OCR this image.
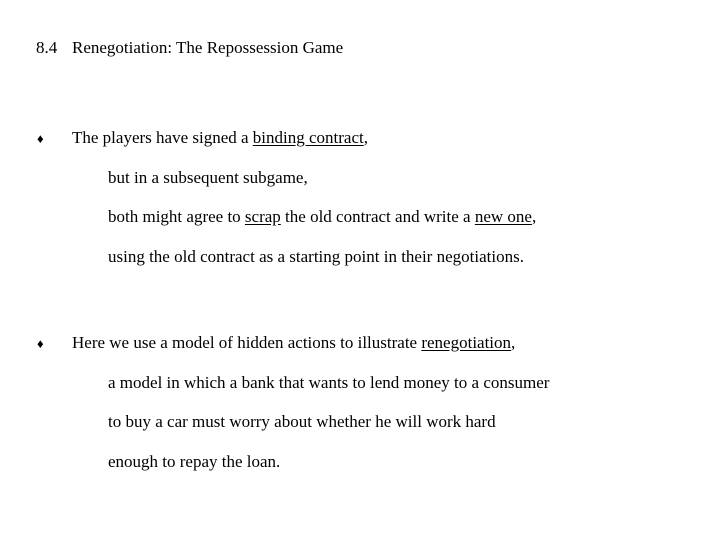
8.4 Renegotiation: The Repossession Game
♦ The players have signed a binding contract,
but in a subsequent subgame,
both might agree to scrap the old contract and write a new one,
using the old contract as a starting point in their negotiations.
♦ Here we use a model of hidden actions to illustrate renegotiation,
a model in which a bank that wants to lend money to a consumer
to buy a car must worry about whether he will work hard
enough to repay the loan.
